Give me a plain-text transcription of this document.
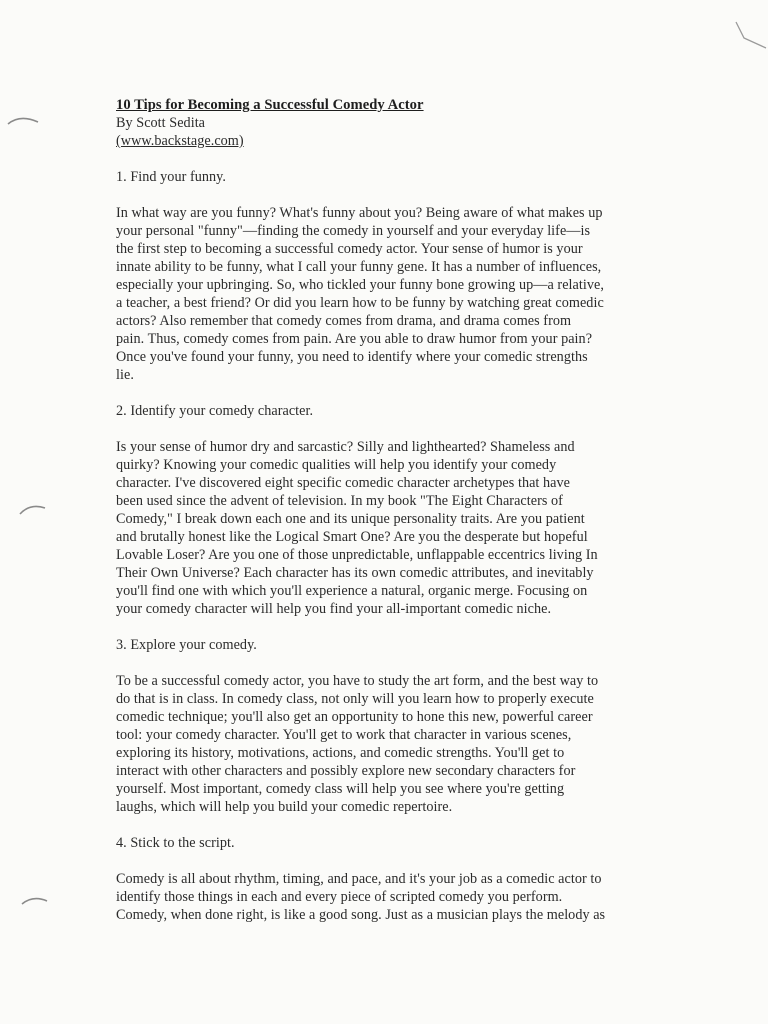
10 Tips for Becoming a Successful Comedy Actor
By Scott Sedita
(www.backstage.com)
1. Find your funny.
In what way are you funny? What's funny about you? Being aware of what makes up
your personal "funny"—finding the comedy in yourself and your everyday life—is
the first step to becoming a successful comedy actor. Your sense of humor is your
innate ability to be funny, what I call your funny gene. It has a number of influences,
especially your upbringing. So, who tickled your funny bone growing up—a relative,
a teacher, a best friend? Or did you learn how to be funny by watching great comedic
actors? Also remember that comedy comes from drama, and drama comes from
pain. Thus, comedy comes from pain. Are you able to draw humor from your pain?
Once you've found your funny, you need to identify where your comedic strengths
lie.
2. Identify your comedy character.
Is your sense of humor dry and sarcastic? Silly and lighthearted? Shameless and
quirky? Knowing your comedic qualities will help you identify your comedy
character. I've discovered eight specific comedic character archetypes that have
been used since the advent of television. In my book "The Eight Characters of
Comedy," I break down each one and its unique personality traits. Are you patient
and brutally honest like the Logical Smart One? Are you the desperate but hopeful
Lovable Loser? Are you one of those unpredictable, unflappable eccentrics living In
Their Own Universe? Each character has its own comedic attributes, and inevitably
you'll find one with which you'll experience a natural, organic merge. Focusing on
your comedy character will help you find your all-important comedic niche.
3. Explore your comedy.
To be a successful comedy actor, you have to study the art form, and the best way to
do that is in class. In comedy class, not only will you learn how to properly execute
comedic technique; you'll also get an opportunity to hone this new, powerful career
tool: your comedy character. You'll get to work that character in various scenes,
exploring its history, motivations, actions, and comedic strengths. You'll get to
interact with other characters and possibly explore new secondary characters for
yourself. Most important, comedy class will help you see where you're getting
laughs, which will help you build your comedic repertoire.
4. Stick to the script.
Comedy is all about rhythm, timing, and pace, and it's your job as a comedic actor to
identify those things in each and every piece of scripted comedy you perform.
Comedy, when done right, is like a good song. Just as a musician plays the melody as
